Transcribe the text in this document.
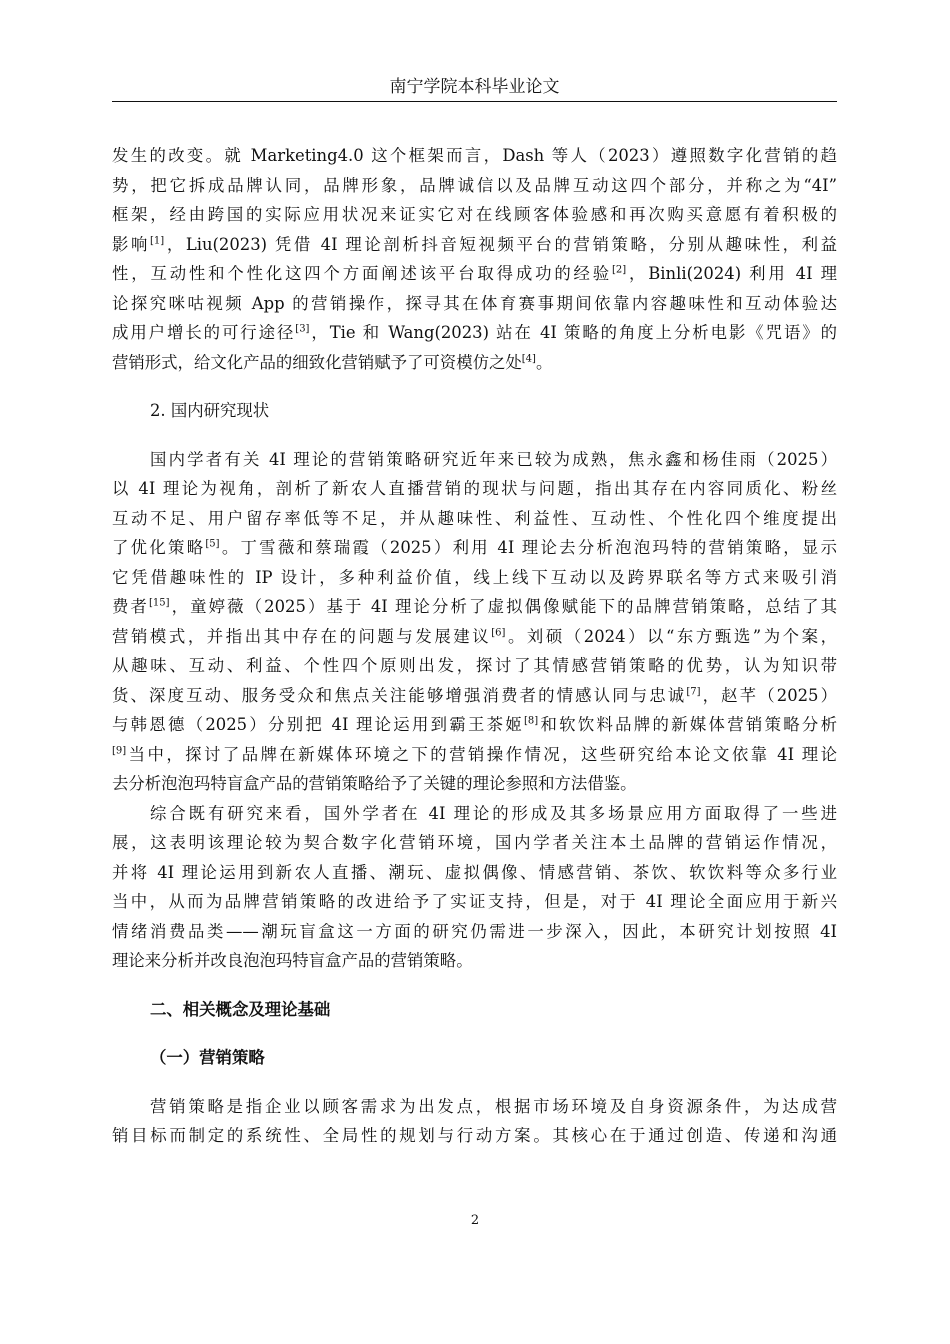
南宁学院本科毕业论文
发生的改变。就 Marketing4.0 这个框架而言，Dash 等人（2023）遵照数字化营销的趋
势，把它拆成品牌认同，品牌形象，品牌诚信以及品牌互动这四个部分，并称之为“4I”
框架，经由跨国的实际应用状况来证实它对在线顾客体验感和再次购买意愿有着积极的
影响[1]，Liu(2023) 凭借 4I 理论剖析抖音短视频平台的营销策略，分别从趣味性，利益
性，互动性和个性化这四个方面阐述该平台取得成功的经验[2]，Binli(2024) 利用 4I 理
论探究咪咕视频 App 的营销操作，探寻其在体育赛事期间依靠内容趣味性和互动体验达
成用户增长的可行途径[3]，Tie 和 Wang(2023) 站在 4I 策略的角度上分析电影《咒语》的
营销形式，给文化产品的细致化营销赋予了可资模仿之处[4]。
2. 国内研究现状
国内学者有关 4I 理论的营销策略研究近年来已较为成熟，焦永鑫和杨佳雨（2025）
以 4I 理论为视角，剖析了新农人直播营销的现状与问题，指出其存在内容同质化、粉丝
互动不足、用户留存率低等不足，并从趣味性、利益性、互动性、个性化四个维度提出
了优化策略[5]。丁雪薇和蔡瑞霞（2025）利用 4I 理论去分析泡泡玛特的营销策略，显示
它凭借趣味性的 IP 设计，多种利益价值，线上线下互动以及跨界联名等方式来吸引消
费者[15]，童婷薇（2025）基于 4I 理论分析了虚拟偶像赋能下的品牌营销策略，总结了其
营销模式，并指出其中存在的问题与发展建议[6]。刘硕（2024）以“东方甄选”为个案，
从趣味、互动、利益、个性四个原则出发，探讨了其情感营销策略的优势，认为知识带
货、深度互动、服务受众和焦点关注能够增强消费者的情感认同与忠诚[7]，赵芊（2025）
与韩恩德（2025）分别把 4I 理论运用到霸王茶姬[8]和软饮料品牌的新媒体营销策略分析
[9]当中，探讨了品牌在新媒体环境之下的营销操作情况，这些研究给本论文依靠 4I 理论
去分析泡泡玛特盲盒产品的营销策略给予了关键的理论参照和方法借鉴。
综合既有研究来看，国外学者在 4I 理论的形成及其多场景应用方面取得了一些进
展，这表明该理论较为契合数字化营销环境，国内学者关注本土品牌的营销运作情况，
并将 4I 理论运用到新农人直播、潮玩、虚拟偶像、情感营销、茶饮、软饮料等众多行业
当中，从而为品牌营销策略的改进给予了实证支持，但是，对于 4I 理论全面应用于新兴
情绪消费品类——潮玩盲盒这一方面的研究仍需进一步深入，因此，本研究计划按照 4I
理论来分析并改良泡泡玛特盲盒产品的营销策略。
二、相关概念及理论基础
（一）营销策略
营销策略是指企业以顾客需求为出发点，根据市场环境及自身资源条件，为达成营
销目标而制定的系统性、全局性的规划与行动方案。其核心在于通过创造、传递和沟通
2
